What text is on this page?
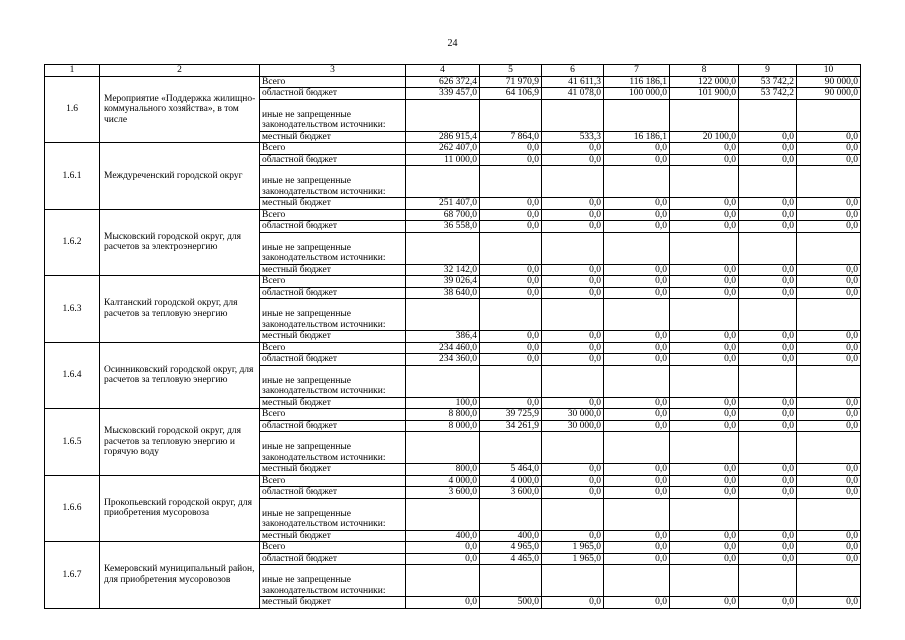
24
1	2	3	4	5	6	7	8	9	10
1.6	Мероприятие «Поддержка жилищно-коммунального хозяйства», в том числе	Всего	626 372,4	71 970,9	41 611,3	116 186,1	122 000,0	53 742,2	90 000,0
		областной бюджет	339 457,0	64 106,9	41 078,0	100 000,0	101 900,0	53 742,2	90 000,0
		иные не запрещенные законодательством источники:							
		местный бюджет	286 915,4	7 864,0	533,3	16 186,1	20 100,0	0,0	0,0
1.6.1	Междуреченский городской округ	Всего	262 407,0	0,0	0,0	0,0	0,0	0,0	0,0
		областной бюджет	11 000,0	0,0	0,0	0,0	0,0	0,0	0,0
		иные не запрещенные законодательством источники:							
		местный бюджет	251 407,0	0,0	0,0	0,0	0,0	0,0	0,0
1.6.2	Мысковский городской округ, для расчетов за электроэнергию	Всего	68 700,0	0,0	0,0	0,0	0,0	0,0	0,0
		областной бюджет	36 558,0	0,0	0,0	0,0	0,0	0,0	0,0
		иные не запрещенные законодательством источники:							
		местный бюджет	32 142,0	0,0	0,0	0,0	0,0	0,0	0,0
1.6.3	Калтанский городской округ, для расчетов за тепловую энергию	Всего	39 026,4	0,0	0,0	0,0	0,0	0,0	0,0
		областной бюджет	38 640,0	0,0	0,0	0,0	0,0	0,0	0,0
		иные не запрещенные законодательством источники:							
		местный бюджет	386,4	0,0	0,0	0,0	0,0	0,0	0,0
1.6.4	Осинниковский городской округ, для расчетов за тепловую энергию	Всего	234 460,0	0,0	0,0	0,0	0,0	0,0	0,0
		областной бюджет	234 360,0	0,0	0,0	0,0	0,0	0,0	0,0
		иные не запрещенные законодательством источники:							
		местный бюджет	100,0	0,0	0,0	0,0	0,0	0,0	0,0
1.6.5	Мысковский городской округ, для расчетов за тепловую энергию и горячую воду	Всего	8 800,0	39 725,9	30 000,0	0,0	0,0	0,0	0,0
		областной бюджет	8 000,0	34 261,9	30 000,0	0,0	0,0	0,0	0,0
		иные не запрещенные законодательством источники:							
		местный бюджет	800,0	5 464,0	0,0	0,0	0,0	0,0	0,0
1.6.6	Прокопьевский городской округ, для приобретения мусоровоза	Всего	4 000,0	4 000,0	0,0	0,0	0,0	0,0	0,0
		областной бюджет	3 600,0	3 600,0	0,0	0,0	0,0	0,0	0,0
		иные не запрещенные законодательством источники:							
		местный бюджет	400,0	400,0	0,0	0,0	0,0	0,0	0,0
1.6.7	Кемеровский муниципальный район, для приобретения мусоровозов	Всего	0,0	4 965,0	1 965,0	0,0	0,0	0,0	0,0
		областной бюджет	0,0	4 465,0	1 965,0	0,0	0,0	0,0	0,0
		иные не запрещенные законодательством источники:							
		местный бюджет	0,0	500,0	0,0	0,0	0,0	0,0	0,0
